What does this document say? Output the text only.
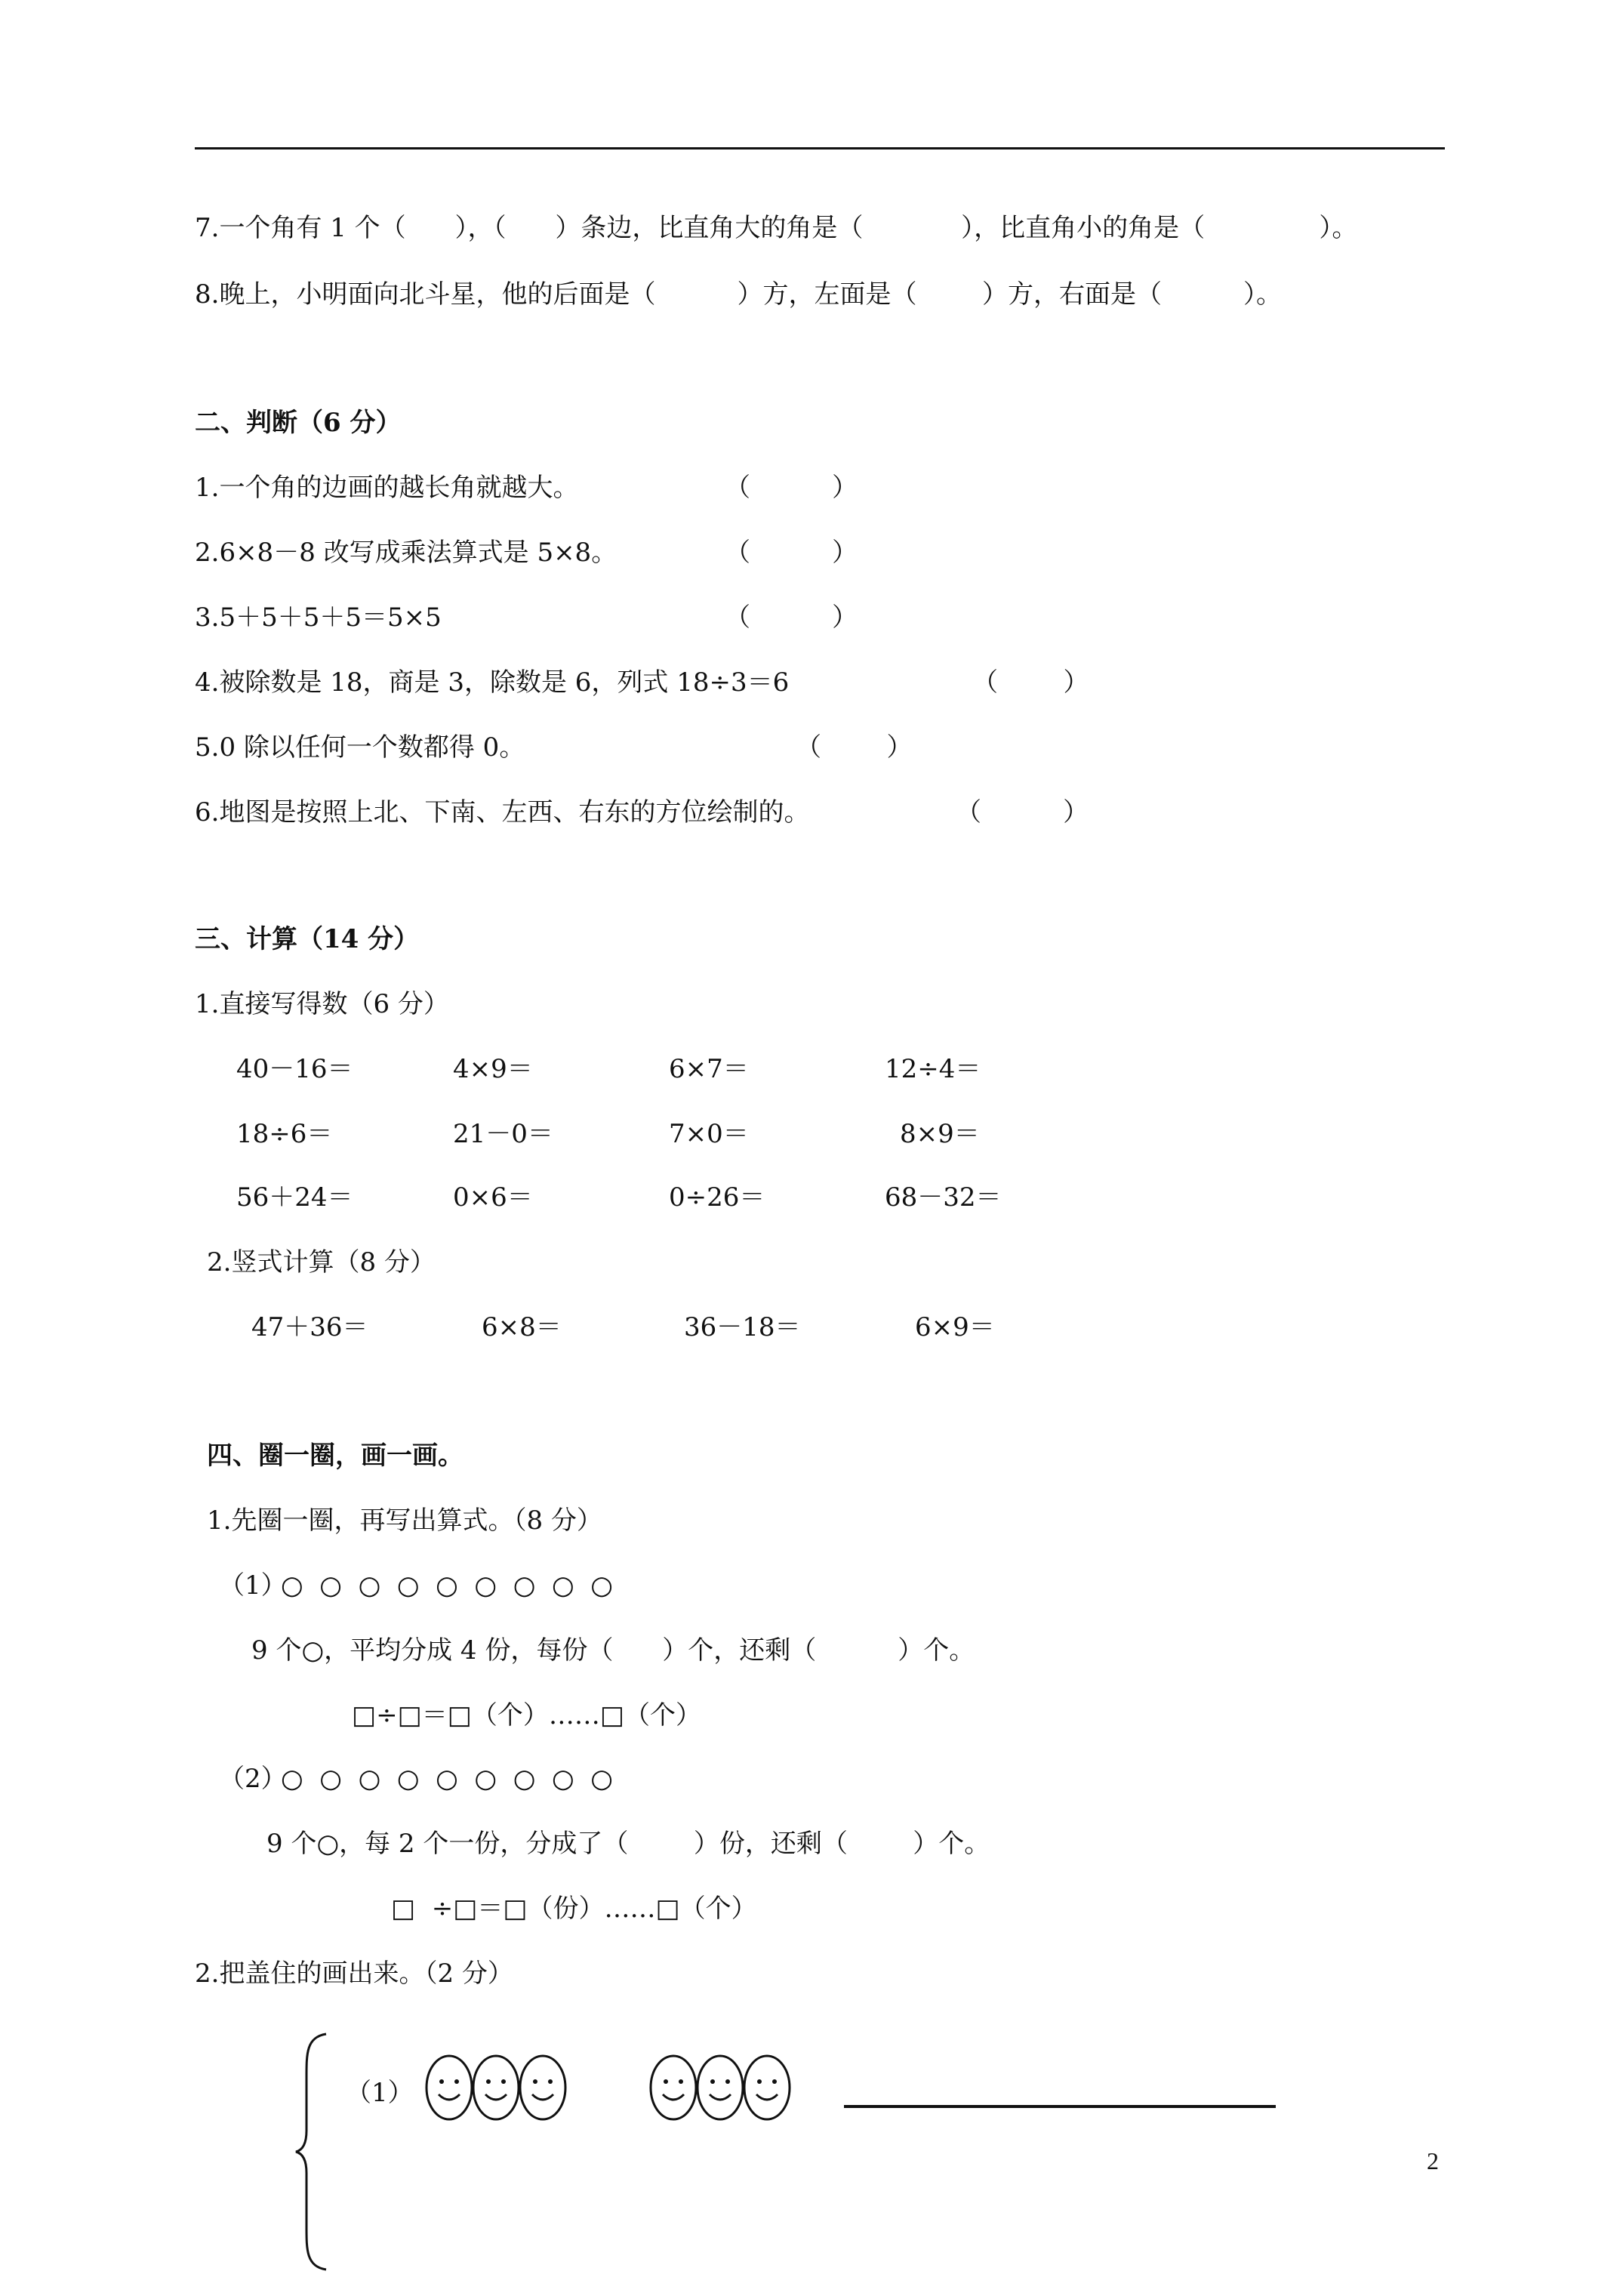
7.一个角有 1 个（      ），（      ）条边，比直角大的角是（            ），比直角小的角是（              ）。
8.晚上，小明面向北斗星，他的后面是（          ）方，左面是（        ）方，右面是（          ）。
二、判断（6 分）
1.一个角的边画的越长角就越大。	（          ）
2.6×8－8 改写成乘法算式是 5×8。	（          ）
3.5＋5＋5＋5＝5×5	（          ）
4.被除数是 18，商是 3，除数是 6，列式 18÷3＝6	（        ）
5.0 除以任何一个数都得 0。	（        ）
6.地图是按照上北、下南、左西、右东的方位绘制的。	（          ）
三、计算（14 分）
1.直接写得数（6 分）
40－16＝	4×9＝	6×7＝	12÷4＝
18÷6＝	21－0＝	7×0＝	8×9＝
56＋24＝	0×6＝	0÷26＝	68－32＝
2.竖式计算（8 分）
47＋36＝	6×8＝	36－18＝	6×9＝
四、圈一圈，画一画。
1.先圈一圈，再写出算式。（8 分）
（1）
○  ○  ○  ○  ○  ○  ○  ○  ○
9 个○，平均分成 4 份，每份（      ）个，还剩（          ）个。
□÷□＝□（个）……□（个）
（2）
○  ○  ○  ○  ○  ○  ○  ○  ○
9 个○，每 2 个一份，分成了（        ）份，还剩（        ）个。
□  ÷□＝□（份）……□（个）
2.把盖住的画出来。（2 分）
（1）
2
